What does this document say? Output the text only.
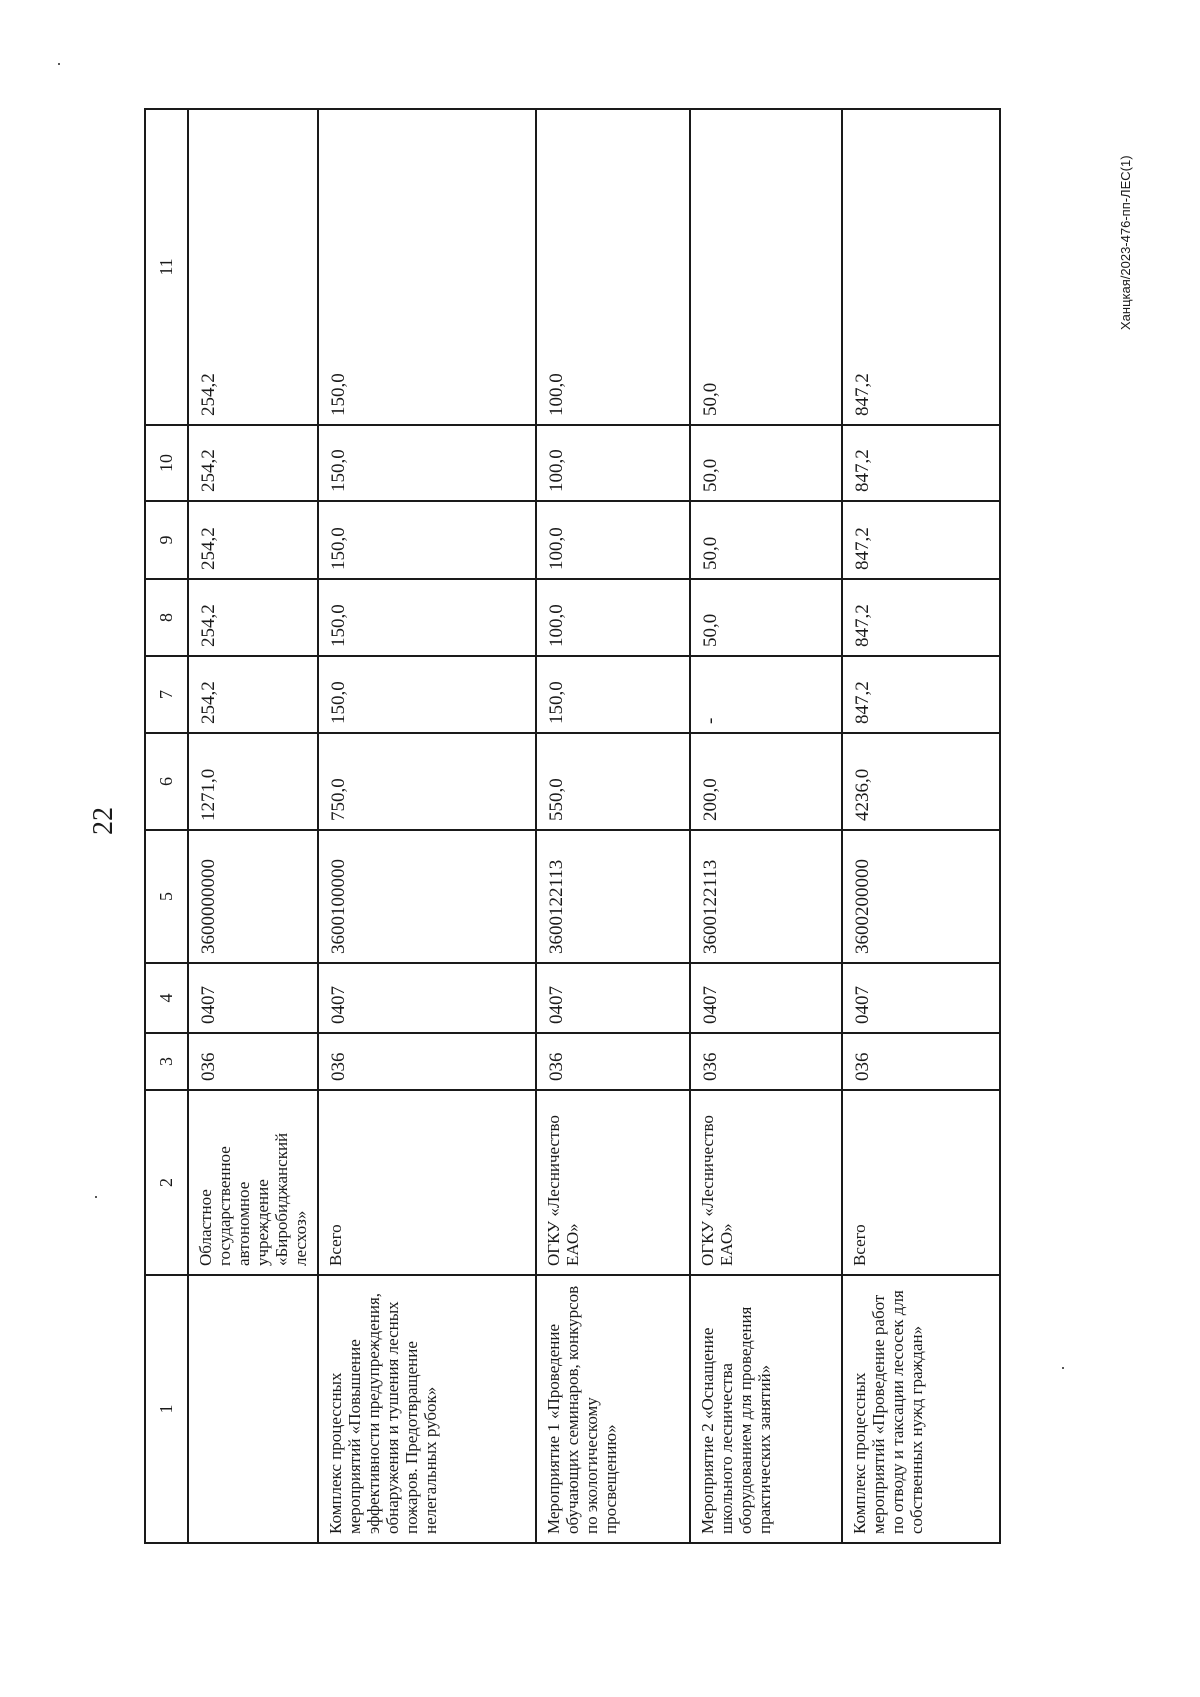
22
Ханцкая/2023-476-пп-ЛЕС(1)
1	2	3	4	5	6	7	8	9	10	11
	Областное государственное автономное учреждение «Биробиджанский лесхоз»	036	0407	3600000000	1271,0	254,2	254,2	254,2	254,2	254,2
Комплекс процессных мероприятий «Повышение эффективности предупреждения, обнаружения и тушения лесных пожаров. Предотвращение нелегальных рубок»	Всего	036	0407	3600100000	750,0	150,0	150,0	150,0	150,0	150,0
Мероприятие 1 «Проведение обучающих семинаров, конкурсов по экологическому просвещению»	ОГКУ «Лесничество ЕАО»	036	0407	3600122113	550,0	150,0	100,0	100,0	100,0	100,0
Мероприятие 2 «Оснащение школьного лесничества оборудованием для проведения практических занятий»	ОГКУ «Лесничество ЕАО»	036	0407	3600122113	200,0	-	50,0	50,0	50,0	50,0
Комплекс процессных мероприятий «Проведение работ по отводу и таксации лесосек для собственных нужд граждан»	Всего	036	0407	3600200000	4236,0	847,2	847,2	847,2	847,2	847,2
